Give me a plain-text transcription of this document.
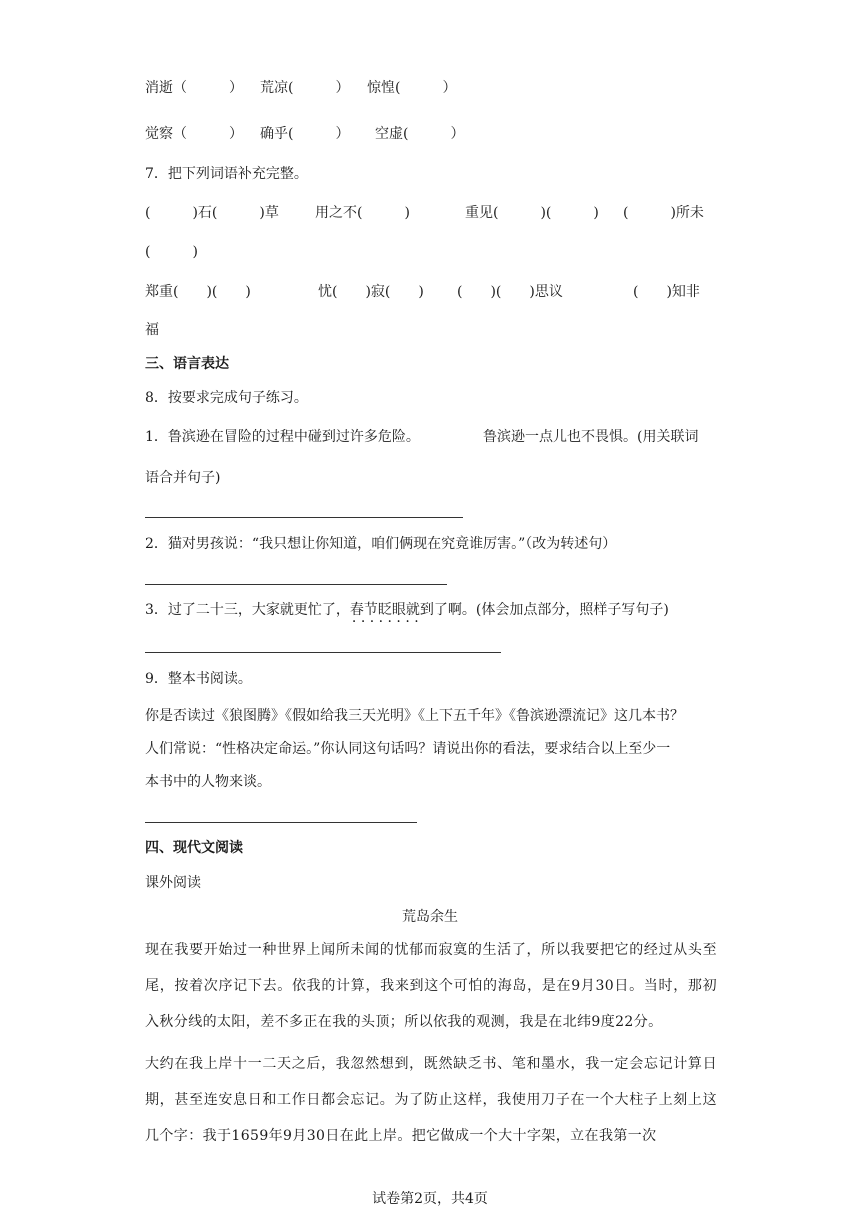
消逝（　　　） 荒凉(　　　） 惊惶(　　　）
觉察（　　　） 确乎(　　　） 空虚(　　　）
7．把下列词语补充完整。
(　　　)石(　　　)草	用之不(　　　)	重见(　　　)(　　　) (　　　)所未
(　　　)
郑重(　　)(　　)	忧(　　)寂(　　) (　　)(　　)思议	(　　)知非
福
三、语言表达
8．按要求完成句子练习。
1．鲁滨逊在冒险的过程中碰到过许多危险。	鲁滨逊一点儿也不畏惧。(用关联词
语合并句子)
2．猫对男孩说：“我只想让你知道，咱们俩现在究竟谁厉害。”（改为转述句）
3．过了二十三，大家就更忙了，春节眨眼就到了啊 · · 。(体会加点部分，照样子写句子)
9．整本书阅读。
你是否读过《狼图腾》《假如给我三天光明》《上下五千年》《鲁滨逊漂流记》这几本书？
人们常说：“性格决定命运。”你认同这句话吗？请说出你的看法，要求结合以上至少一
本书中的人物来谈。
四、现代文阅读
课外阅读
荒岛余生

现在我要开始过一种世界上闻所未闻的忧郁而寂寞的生活了，所以我要把它的经过从头至尾，按着次序记下去。依我的计算，我来到这个可怕的海岛，是在9月30日。当时，那初入秋分线的太阳，差不多正在我的头顶；所以依我的观测，我是在北纬9度22分。

大约在我上岸十一二天之后，我忽然想到，既然缺乏书、笔和墨水，我一定会忘记计算日期，甚至连安息日和工作日都会忘记。为了防止这样，我使用刀子在一个大柱子上刻上这几个字：我于1659年9月30日在此上岸。把它做成一个大十字架，立在我第一次

试卷第2页，共4页
